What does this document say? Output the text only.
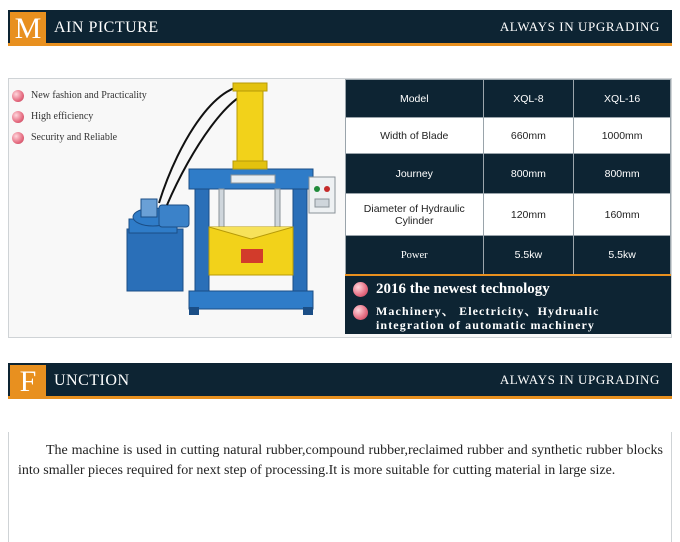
M AIN PICTURE	ALWAYS IN UPGRADING
New fashion and Practicality
High efficiency
Security and Reliable
Model	XQL-8	XQL-16
Width of Blade	660mm	1000mm
Journey	800mm	800mm
Diameter of Hydraulic Cylinder	120mm	160mm
Power	5.5kw	5.5kw
2016 the newest technology
Machinery、 Electricity、Hydrualic
integration of automatic machinery
F	UNCTION	ALWAYS IN UPGRADING

The machine is used in cutting natural rubber,compound rubber,reclaimed rubber and synthetic rubber blocks into smaller pieces required for next step of processing.It is more suitable for cutting material in large size.
